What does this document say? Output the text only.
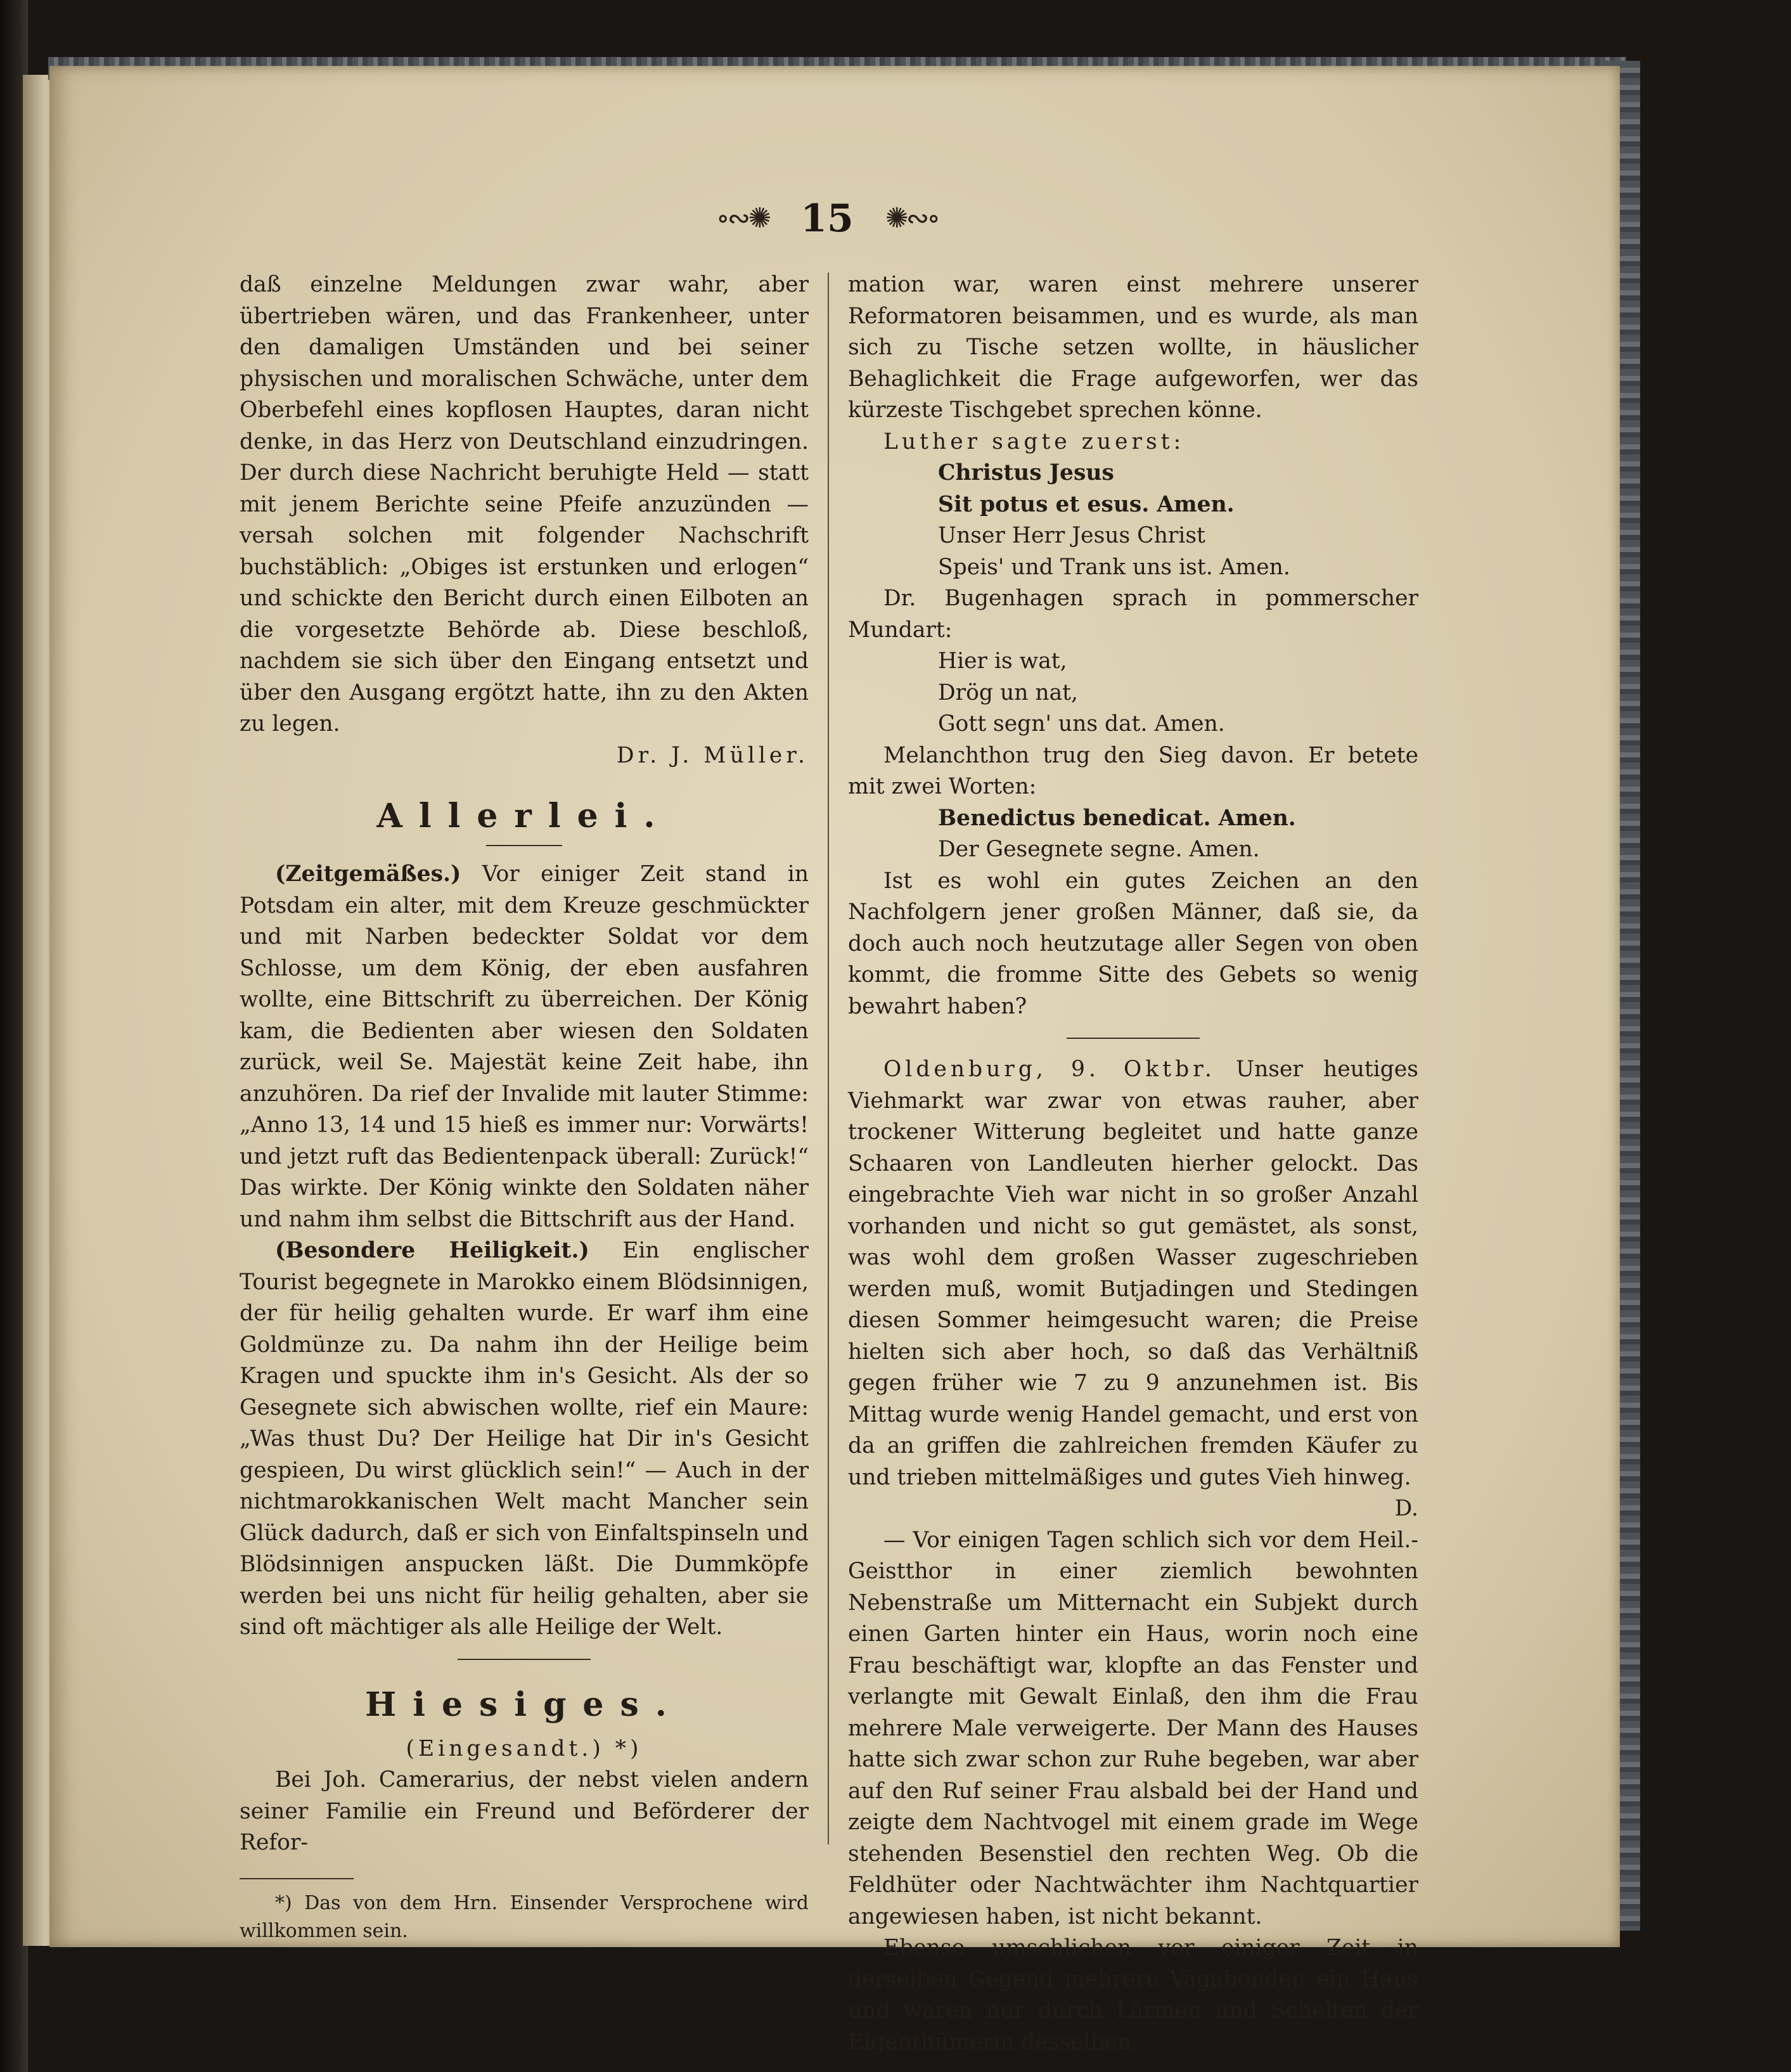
∘∾✺ 15 ✺∾∘

daß einzelne Meldungen zwar wahr, aber übertrieben wären, und das Frankenheer, unter den damaligen Umständen und bei seiner physischen und moralischen Schwäche, unter dem Oberbefehl eines kopflosen Hauptes, daran nicht denke, in das Herz von Deutschland einzudringen. Der durch diese Nachricht beruhigte Held — statt mit jenem Berichte seine Pfeife anzuzünden — versah solchen mit folgender Nachschrift buchstäblich: „Obiges ist erstunken und erlogen“ und schickte den Bericht durch einen Eilboten an die vorgesetzte Behörde ab. Diese beschloß, nachdem sie sich über den Eingang entsetzt und über den Ausgang ergötzt hatte, ihn zu den Akten zu legen.

Dr. J. Müller.

Allerlei.

(Zeitgemäßes.) Vor einiger Zeit stand in Potsdam ein alter, mit dem Kreuze geschmückter und mit Narben bedeckter Soldat vor dem Schlosse, um dem König, der eben ausfahren wollte, eine Bittschrift zu überreichen. Der König kam, die Bedienten aber wiesen den Soldaten zurück, weil Se. Majestät keine Zeit habe, ihn anzuhören. Da rief der Invalide mit lauter Stimme: „Anno 13, 14 und 15 hieß es immer nur: Vorwärts! und jetzt ruft das Bedientenpack überall: Zurück!“ Das wirkte. Der König winkte den Soldaten näher und nahm ihm selbst die Bittschrift aus der Hand.

(Besondere Heiligkeit.) Ein englischer Tourist begegnete in Marokko einem Blödsinnigen, der für heilig gehalten wurde. Er warf ihm eine Goldmünze zu. Da nahm ihn der Heilige beim Kragen und spuckte ihm in's Gesicht. Als der so Gesegnete sich abwischen wollte, rief ein Maure: „Was thust Du? Der Heilige hat Dir in's Gesicht gespieen, Du wirst glücklich sein!“ — Auch in der nichtmarokkanischen Welt macht Mancher sein Glück dadurch, daß er sich von Einfaltspinseln und Blödsinnigen anspucken läßt. Die Dummköpfe werden bei uns nicht für heilig gehalten, aber sie sind oft mächtiger als alle Heilige der Welt.

Hiesiges.

(Eingesandt.) *)

Bei Joh. Camerarius, der nebst vielen andern seiner Familie ein Freund und Beförderer der Refor-

*) Das von dem Hrn. Einsender Versprochene wird willkommen sein.

mation war, waren einst mehrere unserer Reformatoren beisammen, und es wurde, als man sich zu Tische setzen wollte, in häuslicher Behaglichkeit die Frage aufgeworfen, wer das kürzeste Tischgebet sprechen könne.

Luther sagte zuerst:

Christus Jesus

Sit potus et esus. Amen.

Unser Herr Jesus Christ

Speis' und Trank uns ist. Amen.

Dr. Bugenhagen sprach in pommerscher Mundart:

Hier is wat,

Drög un nat,

Gott segn' uns dat. Amen.

Melanchthon trug den Sieg davon. Er betete mit zwei Worten:

Benedictus benedicat. Amen.

Der Gesegnete segne. Amen.

Ist es wohl ein gutes Zeichen an den Nachfolgern jener großen Männer, daß sie, da doch auch noch heutzutage aller Segen von oben kommt, die fromme Sitte des Gebets so wenig bewahrt haben?

Oldenburg, 9. Oktbr. Unser heutiges Viehmarkt war zwar von etwas rauher, aber trockener Witterung begleitet und hatte ganze Schaaren von Landleuten hierher gelockt. Das eingebrachte Vieh war nicht in so großer Anzahl vorhanden und nicht so gut gemästet, als sonst, was wohl dem großen Wasser zugeschrieben werden muß, womit Butjadingen und Stedingen diesen Sommer heimgesucht waren; die Preise hielten sich aber hoch, so daß das Verhältniß gegen früher wie 7 zu 9 anzunehmen ist. Bis Mittag wurde wenig Handel gemacht, und erst von da an griffen die zahlreichen fremden Käufer zu und trieben mittelmäßiges und gutes Vieh hinweg.

D.

— Vor einigen Tagen schlich sich vor dem Heil.-Geistthor in einer ziemlich bewohnten Nebenstraße um Mitternacht ein Subjekt durch einen Garten hinter ein Haus, worin noch eine Frau beschäftigt war, klopfte an das Fenster und verlangte mit Gewalt Einlaß, den ihm die Frau mehrere Male verweigerte. Der Mann des Hauses hatte sich zwar schon zur Ruhe begeben, war aber auf den Ruf seiner Frau alsbald bei der Hand und zeigte dem Nachtvogel mit einem grade im Wege stehenden Besenstiel den rechten Weg. Ob die Feldhüter oder Nachtwächter ihm Nachtquartier angewiesen haben, ist nicht bekannt.

Ebenso umschlichen vor einiger Zeit in derselben Gegend mehrere Vagabonden ein Haus und waren nur durch Lärmen und Schelten der Eigenthümerin desselben,
